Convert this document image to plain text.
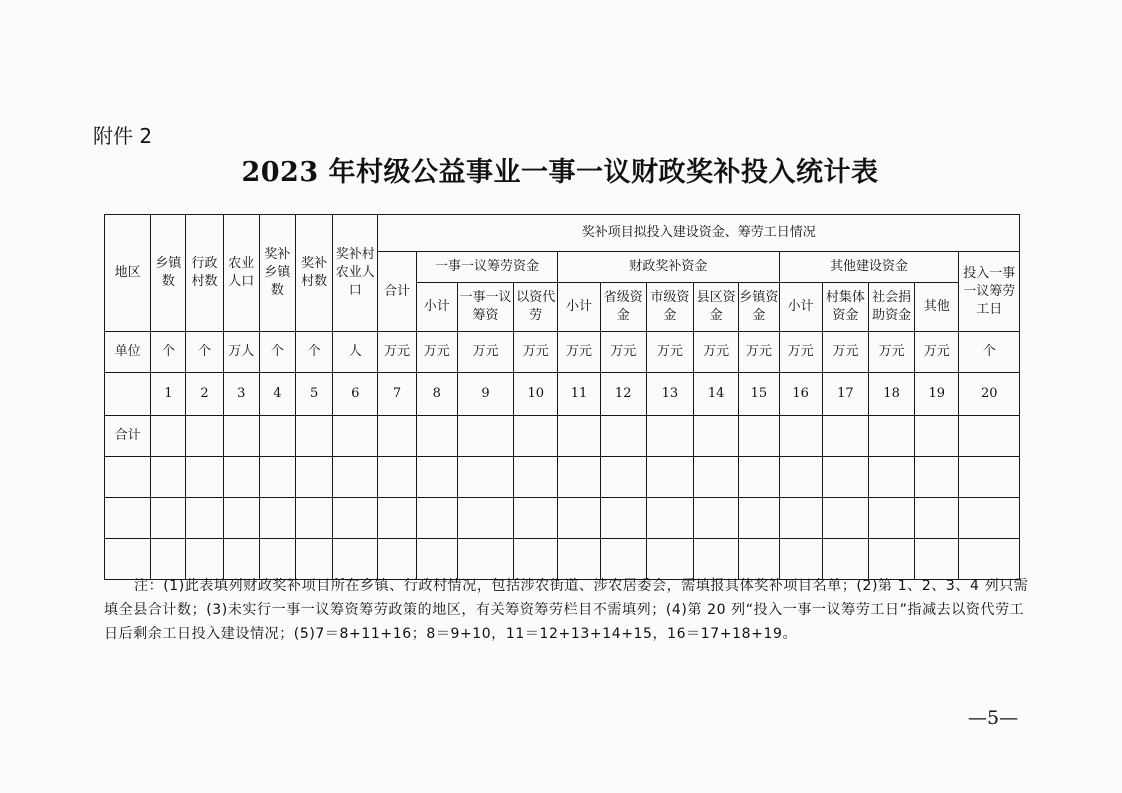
附件 2
2023 年村级公益事业一事一议财政奖补投入统计表
地区	乡镇数	行政村数	农业人口	奖补乡镇数	奖补村数	奖补村农业人口	奖补项目拟投入建设资金、筹劳工日情况													
							合计	一事一议筹劳资金			财政奖补资金					其他建设资金				投入一事一议筹劳工日
								小计	一事一议筹资	以资代劳	小计	省级资金	市级资金	县区资金	乡镇资金	小计	村集体资金	社会捐助资金	其他	
单位	个	个	万人	个	个	人	万元	万元	万元	万元	万元	万元	万元	万元	万元	万元	万元	万元	万元	个
	1	2	3	4	5	6	7	8	9	10	11	12	13	14	15	16	17	18	19	20
合计																				

注：(1)此表填列财政奖补项目所在乡镇、行政村情况，包括涉农街道、涉农居委会，需填报具体奖补项目名单；(2)第 1、2、3、4 列只需填全县合计数；(3)未实行一事一议筹资筹劳政策的地区，有关筹资筹劳栏目不需填列；(4)第 20 列“投入一事一议筹劳工日”指减去以资代劳工日后剩余工日投入建设情况；(5)7＝8+11+16；8＝9+10，11＝12+13+14+15，16＝17+18+19。
—5—
